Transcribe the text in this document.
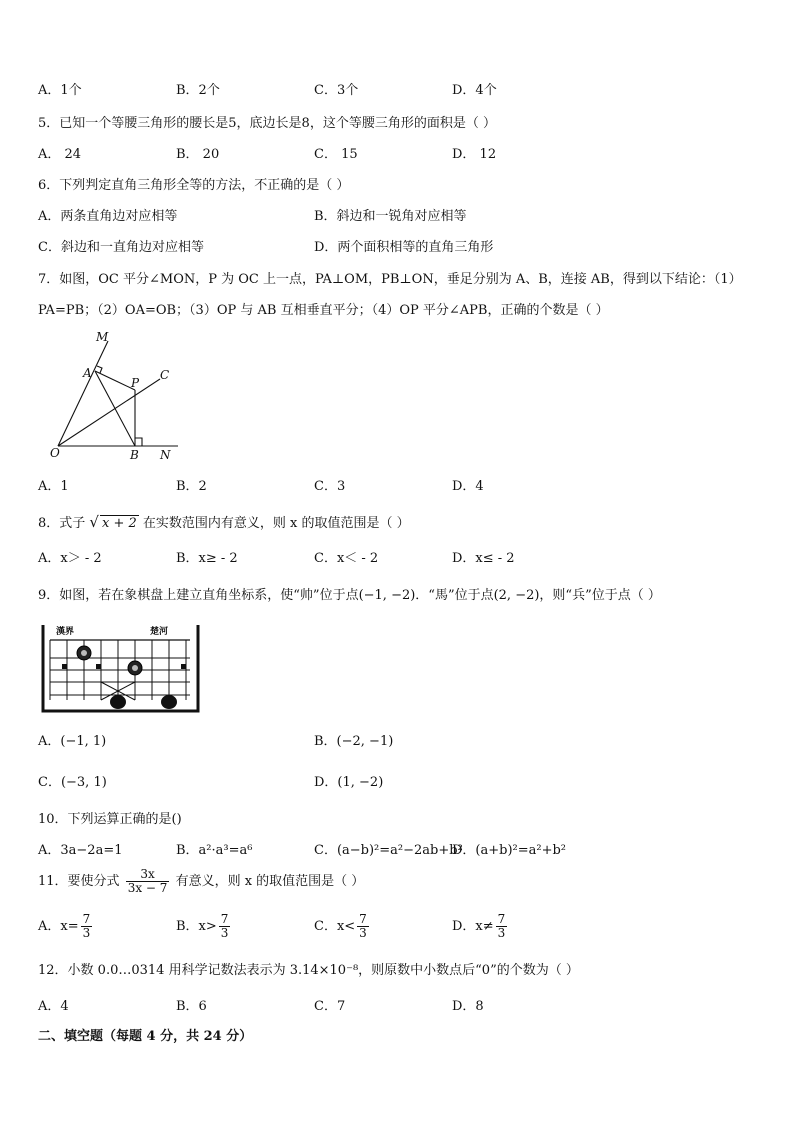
A．1个	B．2个	C．3个	D．4个
5．已知一个等腰三角形的腰长是5，底边长是8，这个等腰三角形的面积是（ ）
A． 24	B． 20	C． 15	D． 12
6．下列判定直角三角形全等的方法，不正确的是（ ）
A．两条直角边对应相等	B．斜边和一锐角对应相等
C．斜边和一直角边对应相等	D．两个面积相等的直角三角形
7．如图，OC 平分∠MON，P 为 OC 上一点，PA⊥OM，PB⊥ON，垂足分别为 A、B，连接 AB，得到以下结论：（1）
PA=PB；（2）OA=OB；（3）OP 与 AB 互相垂直平分；（4）OP 平分∠APB，正确的个数是（ ）
M
A
P
C
O	B N
A．1	B．2	C．3	D．4
8．式子 √ x + 2 在实数范围内有意义，则 x 的取值范围是（ ）
A．x＞ - 2	B．x≥ - 2	C．x＜ - 2	D．x≤ - 2
9．如图，若在象棋盘上建立直角坐标系，使“帅”位于点(−1, −2)．“馬”位于点(2, −2)，则“兵”位于点（ ）
漢界	楚河
A．(−1, 1)	B．(−2, −1)
C．(−3, 1)	D．(1, −2)
10．下列运算正确的是()
A．3a−2a=1	B．a²·a³=a⁶	C．(a−b)²=a²−2ab+b²
D．(a+b)²=a²+b²
11．要使分式 $\frac{3x}{3x - 7}$ 有意义，则 x 的取值范围是（ ）
A．$x= \frac{7}{3}$	B．$x> \frac{7}{3}$	C．$x< \frac{7}{3}$	D．$x\ne \frac{7}{3}$
12．小数 0.0…0314 用科学记数法表示为 3.14×10⁻⁸，则原数中小数点后“0”的个数为（ ）
A．4	B．6	C．7	D．8
二、填空题（每题 4 分，共 24 分）
